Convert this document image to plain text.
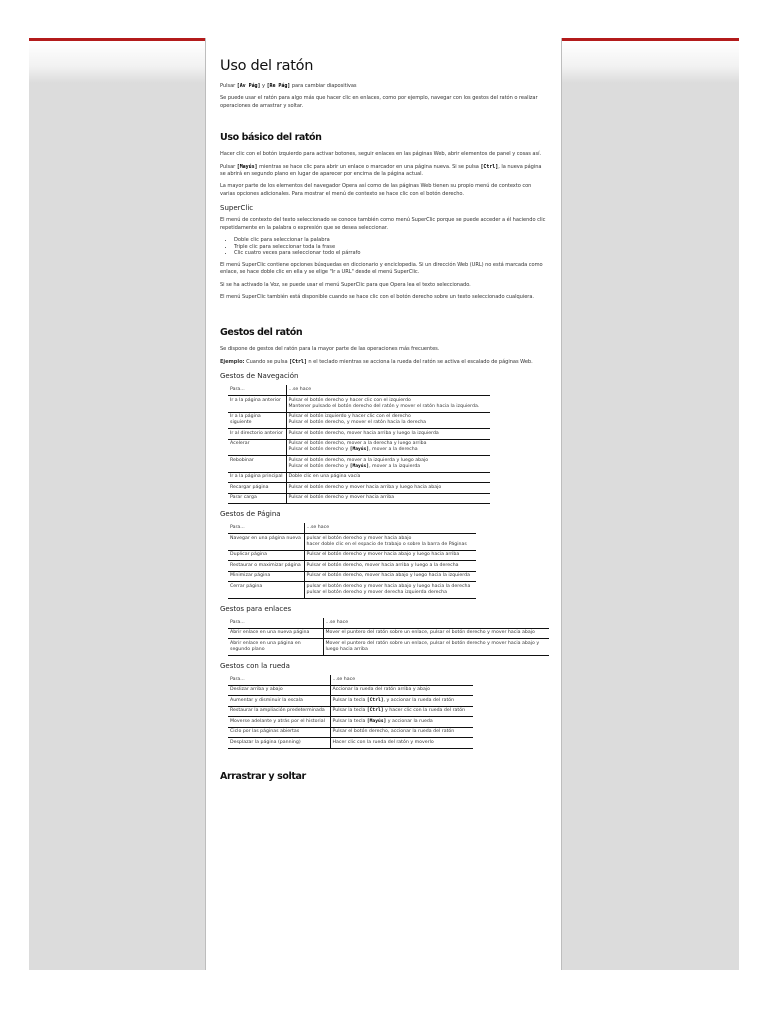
Uso del ratón

Pulsar [Av Pág] y [Re Pág] para cambiar diapositivas

Se puede usar el ratón para algo más que hacer clic en enlaces, como por ejemplo, navegar con los gestos del ratón o realizar operaciones de arrastrar y soltar.

Uso básico del ratón

Hacer clic con el botón izquierdo para activar botones, seguir enlaces en las páginas Web, abrir elementos de panel y cosas así.

Pulsar [Mayús] mientras se hace clic para abrir un enlace o marcador en una página nueva. Si se pulsa [Ctrl], la nueva página se abrirá en segundo plano en lugar de aparecer por encima de la página actual.

La mayor parte de los elementos del navegador Opera así como de las páginas Web tienen su propio menú de contexto con varias opciones adicionales. Para mostrar el menú de contexto se hace clic con el botón derecho.

SuperClic

El menú de contexto del texto seleccionado se conoce también como menú SuperClic porque se puede acceder a él haciendo clic repetidamente en la palabra o expresión que se desea seleccionar.

• Doble clic para seleccionar la palabra
• Triple clic para seleccionar toda la frase
• Clic cuatro veces para seleccionar todo el párrafo

El menú SuperClic contiene opciones búsquedas en diccionario y enciclopedia. Si un dirección Web (URL) no está marcada como enlace, se hace doble clic en ella y se elige "Ir a URL" desde el menú SuperClic.

Si se ha activado la Voz, se puede usar el menú SuperClic para que Opera lea el texto seleccionado.

El menú SuperClic también está disponible cuando se hace clic con el botón derecho sobre un texto seleccionado cualquiera.

Gestos del ratón

Se dispone de gestos del ratón para la mayor parte de las operaciones más frecuentes.

Ejemplo: Cuando se pulsa [Ctrl] n el teclado mientras se acciona la rueda del ratón se activa el escalado de páginas Web.

Gestos de Navegación
Para...	...se hace
Ir a la página anterior	Pulsar el botón derecho y hacer clic con el izquierdo
Mantener pulsado el botón derecho del ratón y mover el ratón hacia la izquierda.

Ir a la página siguiente	Pulsar el botón izquierdo y hacer clic con el derecho
Pulsar el botón derecho, y mover el ratón hacia la derecha

Ir al directorio anterior	Pulsar el botón derecho, mover hacia arriba y luego la izquierda
Acelerar	Pulsar el botón derecho, mover a la derecha y luego arriba
Pulsar el botón derecho y [Mayús], mover a la derecha

Rebobinar	Pulsar el botón derecho, mover a la izquierda y luego abajo
Pulsar el botón derecho y [Mayús], mover a la izquierda

Ir a la página principal	Doble clic en una página vacía
Recargar página	Pulsar el botón derecho y mover hacia arriba y luego hacia abajo
Parar carga	Pulsar el botón derecho y mover hacia arriba
Gestos de Página
Para...	...se hace
Navegar en una página nueva	pulsar el botón derecho y mover hacia abajo
hacer doble clic en el espacio de trabajo o sobre la barra de Páginas

Duplicar página	Pulsar el botón derecho y mover hacia abajo y luego hacia arriba
Restaurar o maximizar página	Pulsar el botón derecho, mover hacia arriba y luego a la derecha
Minimizar página	Pulsar el botón derecho, mover hacia abajo y luego hacia la izquierda
Cerrar página	pulsar el botón derecho y mover hacia abajo y luego hacia la derecha
pulsar el botón derecho y mover derecha izquierda derecha
Gestos para enlaces
Para...	...se hace
Abrir enlace en una nueva página	Mover el puntero del ratón sobre un enlace, pulsar el botón derecho y mover hacia abajo
Abrir enlace en una página en segundo plano	Mover el puntero del ratón sobre un enlace, pulsar el botón derecho y mover hacia abajo y luego hacia arriba
Gestos con la rueda
Para...	...se hace
Deslizar arriba y abajo	Accionar la rueda del ratón arriba y abajo
Aumentar y disminuir la escala	Pulsar la tecla [Ctrl], y accionar la rueda del ratón
Restaurar la ampliación predeterminada	Pulsar la tecla [Ctrl] y hacer clic con la rueda del ratón
Moverse adelante y atrás por el historial	Pulsar la tecla [Mayús] y accionar la rueda
Ciclo por las páginas abiertas	Pulsar el botón derecho, accionar la rueda del ratón
Desplazar la página (panning)	Hacer clic con la rueda del ratón y moverlo
Arrastrar y soltar
